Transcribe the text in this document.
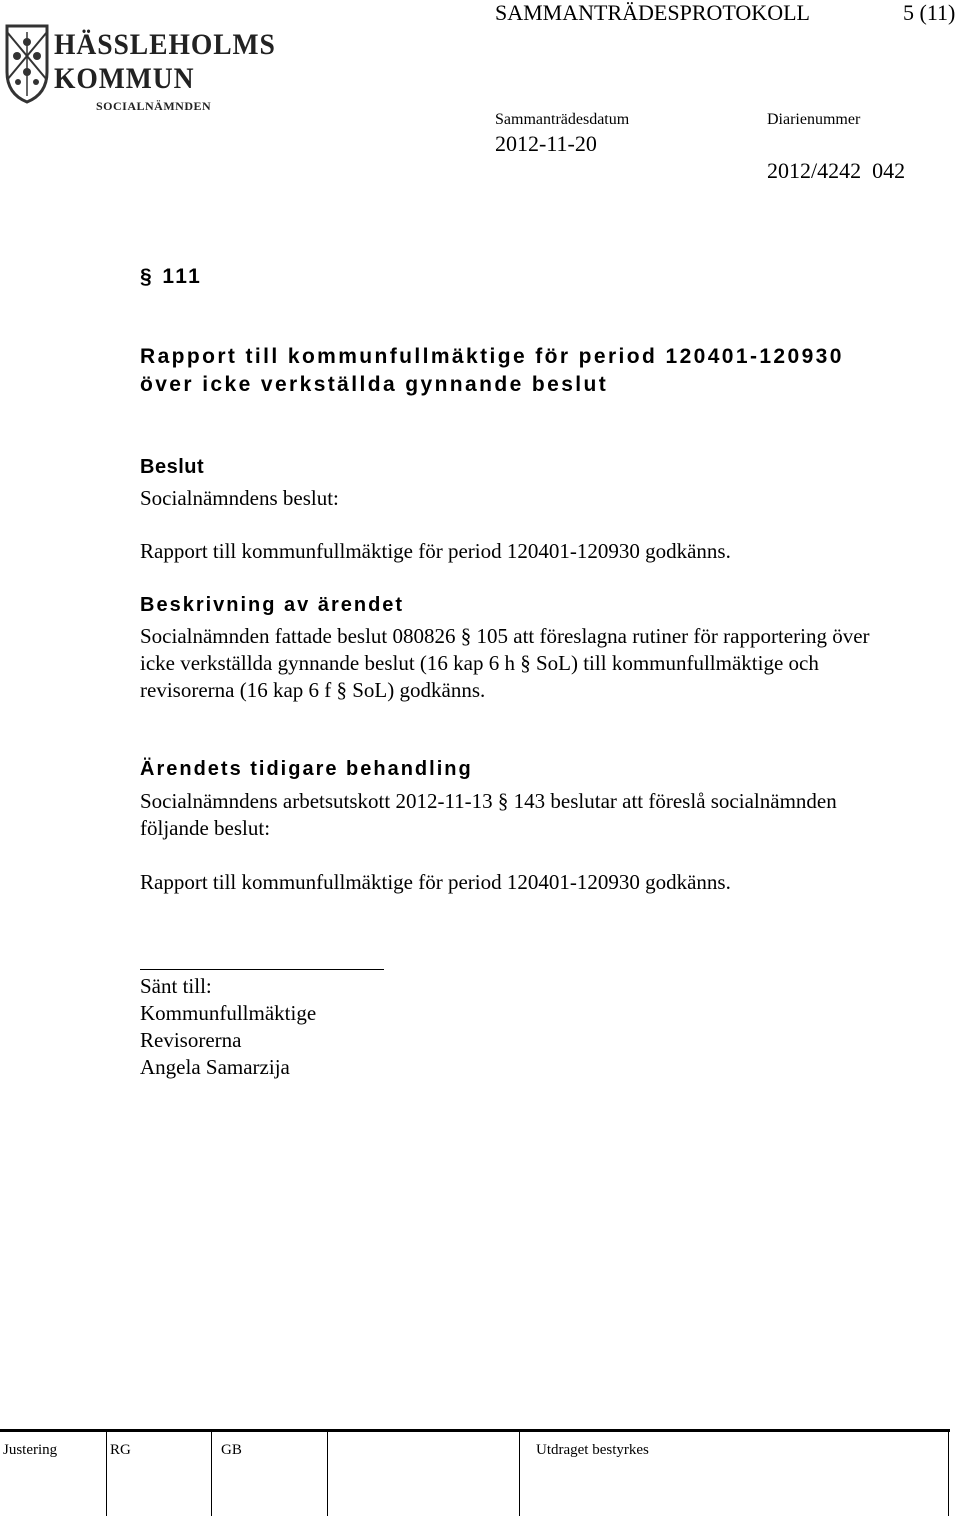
HÄSSLEHOLMS
KOMMUN
SOCIALNÄMNDEN
SAMMANTRÄDESPROTOKOLL	5 (11)
Sammanträdesdatum
2012-11-20
Diarienummer
2012/4242  042
§ 111
Rapport till kommunfullmäktige för period 120401-120930
över icke verkställda gynnande beslut
Beslut
Socialnämndens beslut:
Rapport till kommunfullmäktige för period 120401-120930 godkänns.
Beskrivning av ärendet
Socialnämnden fattade beslut 080826 § 105 att föreslagna rutiner för rapportering över
icke verkställda gynnande beslut (16 kap 6 h § SoL) till kommunfullmäktige och
revisorerna (16 kap 6 f § SoL) godkänns.
Ärendets tidigare behandling
Socialnämndens arbetsutskott 2012-11-13 § 143 beslutar att föreslå socialnämnden
följande beslut:
Rapport till kommunfullmäktige för period 120401-120930 godkänns.
Sänt till:
Kommunfullmäktige
Revisorerna
Angela Samarzija
Justering	RG	GB	Utdraget bestyrkes
